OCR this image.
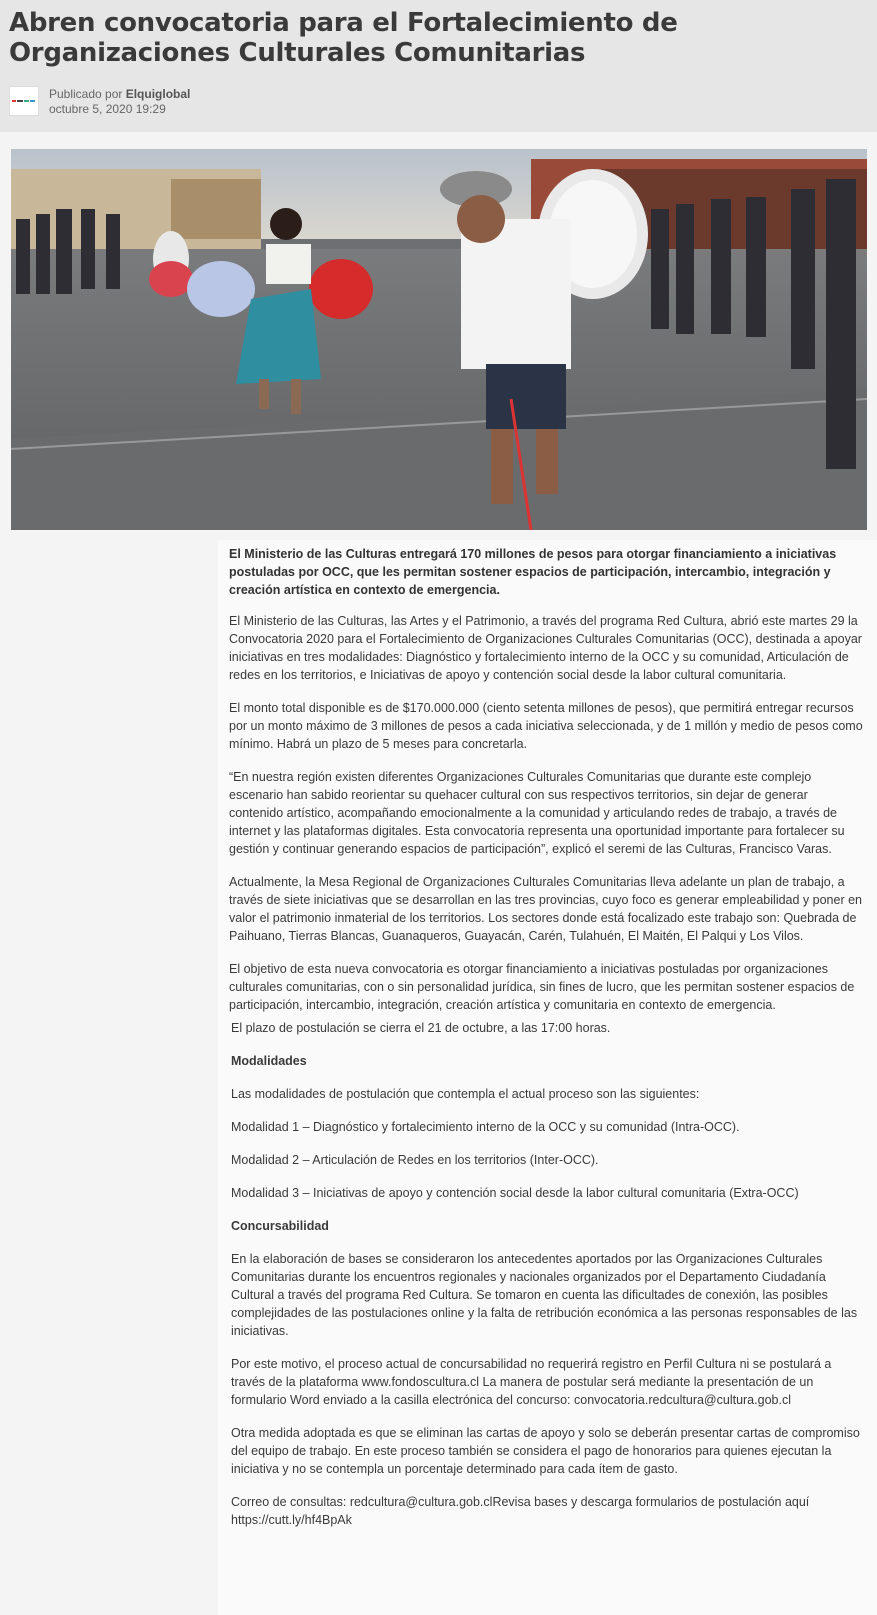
Abren convocatoria para el Fortalecimiento de Organizaciones Culturales Comunitarias
Publicado por Elquiglobal
octubre 5, 2020 19:29

El Ministerio de las Culturas entregará 170 millones de pesos para otorgar financiamiento a iniciativas postuladas por OCC, que les permitan sostener espacios de participación, intercambio, integración y creación artística en contexto de emergencia.

El Ministerio de las Culturas, las Artes y el Patrimonio, a través del programa Red Cultura, abrió este martes 29 la Convocatoria 2020 para el Fortalecimiento de Organizaciones Culturales Comunitarias (OCC), destinada a apoyar iniciativas en tres modalidades: Diagnóstico y fortalecimiento interno de la OCC y su comunidad, Articulación de redes en los territorios, e Iniciativas de apoyo y contención social desde la labor cultural comunitaria.

El monto total disponible es de $170.000.000 (ciento setenta millones de pesos), que permitirá entregar recursos por un monto máximo de 3 millones de pesos a cada iniciativa seleccionada, y de 1 millón y medio de pesos como mínimo. Habrá un plazo de 5 meses para concretarla.

“En nuestra región existen diferentes Organizaciones Culturales Comunitarias que durante este complejo escenario han sabido reorientar su quehacer cultural con sus respectivos territorios, sin dejar de generar contenido artístico, acompañando emocionalmente a la comunidad y articulando redes de trabajo, a través de internet y las plataformas digitales. Esta convocatoria representa una oportunidad importante para fortalecer su gestión y continuar generando espacios de participación”, explicó el seremi de las Culturas, Francisco Varas.

Actualmente, la Mesa Regional de Organizaciones Culturales Comunitarias lleva adelante un plan de trabajo, a través de siete iniciativas que se desarrollan en las tres provincias, cuyo foco es generar empleabilidad y poner en valor el patrimonio inmaterial de los territorios. Los sectores donde está focalizado este trabajo son: Quebrada de Paihuano, Tierras Blancas, Guanaqueros, Guayacán, Carén, Tulahuén, El Maitén, El Palqui y Los Vilos.

El objetivo de esta nueva convocatoria es otorgar financiamiento a iniciativas postuladas por organizaciones culturales comunitarias, con o sin personalidad jurídica, sin fines de lucro, que les permitan sostener espacios de participación, intercambio, integración, creación artística y comunitaria en contexto de emergencia.

El plazo de postulación se cierra el 21 de octubre, a las 17:00 horas.

Modalidades

Las modalidades de postulación que contempla el actual proceso son las siguientes:

Modalidad 1 – Diagnóstico y fortalecimiento interno de la OCC y su comunidad (Intra-OCC).

Modalidad 2 – Articulación de Redes en los territorios (Inter-OCC).

Modalidad 3 – Iniciativas de apoyo y contención social desde la labor cultural comunitaria (Extra-OCC)

Concursabilidad

En la elaboración de bases se consideraron los antecedentes aportados por las Organizaciones Culturales Comunitarias durante los encuentros regionales y nacionales organizados por el Departamento Ciudadanía Cultural a través del programa Red Cultura. Se tomaron en cuenta las dificultades de conexión, las posibles complejidades de las postulaciones online y la falta de retribución económica a las personas responsables de las iniciativas.

Por este motivo, el proceso actual de concursabilidad no requerirá registro en Perfil Cultura ni se postulará a través de la plataforma www.fondoscultura.cl La manera de postular será mediante la presentación de un formulario Word enviado a la casilla electrónica del concurso: convocatoria.redcultura@cultura.gob.cl

Otra medida adoptada es que se eliminan las cartas de apoyo y solo se deberán presentar cartas de compromiso del equipo de trabajo. En este proceso también se considera el pago de honorarios para quienes ejecutan la iniciativa y no se contempla un porcentaje determinado para cada ítem de gasto.

Correo de consultas: redcultura@cultura.gob.clRevisa bases y descarga formularios de postulación aquí https://cutt.ly/hf4BpAk
